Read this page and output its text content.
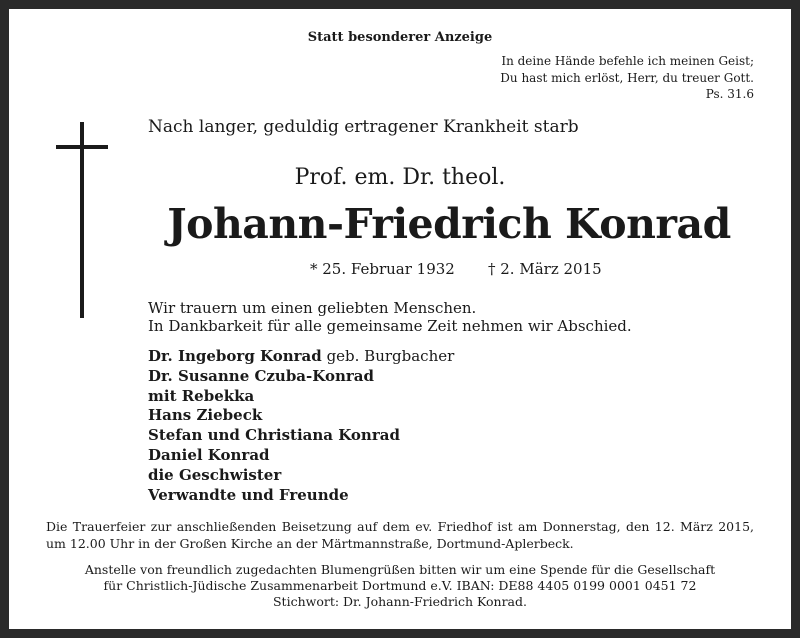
Statt besonderer Anzeige
In deine Hände befehle ich meinen Geist;
Du hast mich erlöst, Herr, du treuer Gott.
Ps. 31.6
Nach langer, geduldig ertragener Krankheit starb
Prof. em. Dr. theol.
Johann-Friedrich Konrad
* 25. Februar 1932 † 2. März 2015
Wir trauern um einen geliebten Menschen.
In Dankbarkeit für alle gemeinsame Zeit nehmen wir Abschied.
Dr. Ingeborg Konrad geb. Burgbacher
Dr. Susanne Czuba-Konrad
mit Rebekka
Hans Ziebeck
Stefan und Christiana Konrad
Daniel Konrad
die Geschwister
Verwandte und Freunde
Die Trauerfeier zur anschließenden Beisetzung auf dem ev. Friedhof ist am Donnerstag, den 12. März 2015, um 12.00 Uhr in der Großen Kirche an der Märtmannstraße, Dortmund-Aplerbeck.
Anstelle von freundlich zugedachten Blumengrüßen bitten wir um eine Spende für die Gesellschaft
für Christlich-Jüdische Zusammenarbeit Dortmund e.V. IBAN: DE88 4405 0199 0001 0451 72
Stichwort: Dr. Johann-Friedrich Konrad.
